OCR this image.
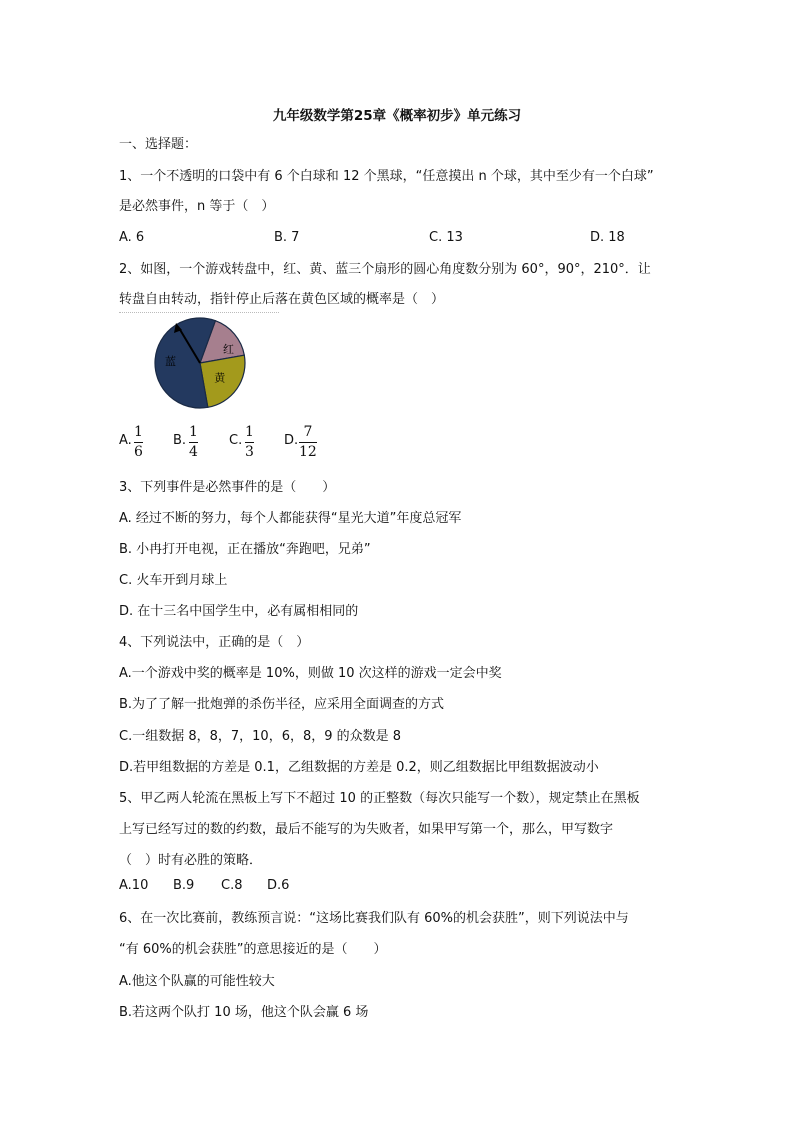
九年级数学第25章《概率初步》单元练习
一、选择题：
1、一个不透明的口袋中有 6 个白球和 12 个黑球，“任意摸出 n 个球，其中至少有一个白球”
是必然事件，n 等于（　）
A. 6	B. 7	C. 13	D. 18
2、如图，一个游戏转盘中，红、黄、蓝三个扇形的圆心角度数分别为 60°，90°，210°．让
转盘自由转动，指针停止后落在黄色区域的概率是（　）
红
黄
蓝
A.
1
6
B.
1
4
C.
1
3
D.
7
12
3、下列事件是必然事件的是（　　）
A. 经过不断的努力，每个人都能获得“星光大道”年度总冠军
B. 小冉打开电视，正在播放“奔跑吧，兄弟”
C. 火车开到月球上
D. 在十三名中国学生中，必有属相相同的
4、下列说法中，正确的是（　）
A.一个游戏中奖的概率是 10%，则做 10 次这样的游戏一定会中奖
B.为了了解一批炮弹的杀伤半径，应采用全面调查的方式
C.一组数据 8，8，7，10，6，8，9 的众数是 8
D.若甲组数据的方差是 0.1，乙组数据的方差是 0.2，则乙组数据比甲组数据波动小
5、甲乙两人轮流在黑板上写下不超过 10 的正整数（每次只能写一个数），规定禁止在黑板
上写已经写过的数的约数，最后不能写的为失败者，如果甲写第一个，那么，甲写数字
（　）时有必胜的策略．
A.10 B.9 C.8 D.6
6、在一次比赛前，教练预言说：“这场比赛我们队有 60%的机会获胜”，则下列说法中与
“有 60%的机会获胜”的意思接近的是（　　）
A.他这个队赢的可能性较大
B.若这两个队打 10 场，他这个队会赢 6 场
